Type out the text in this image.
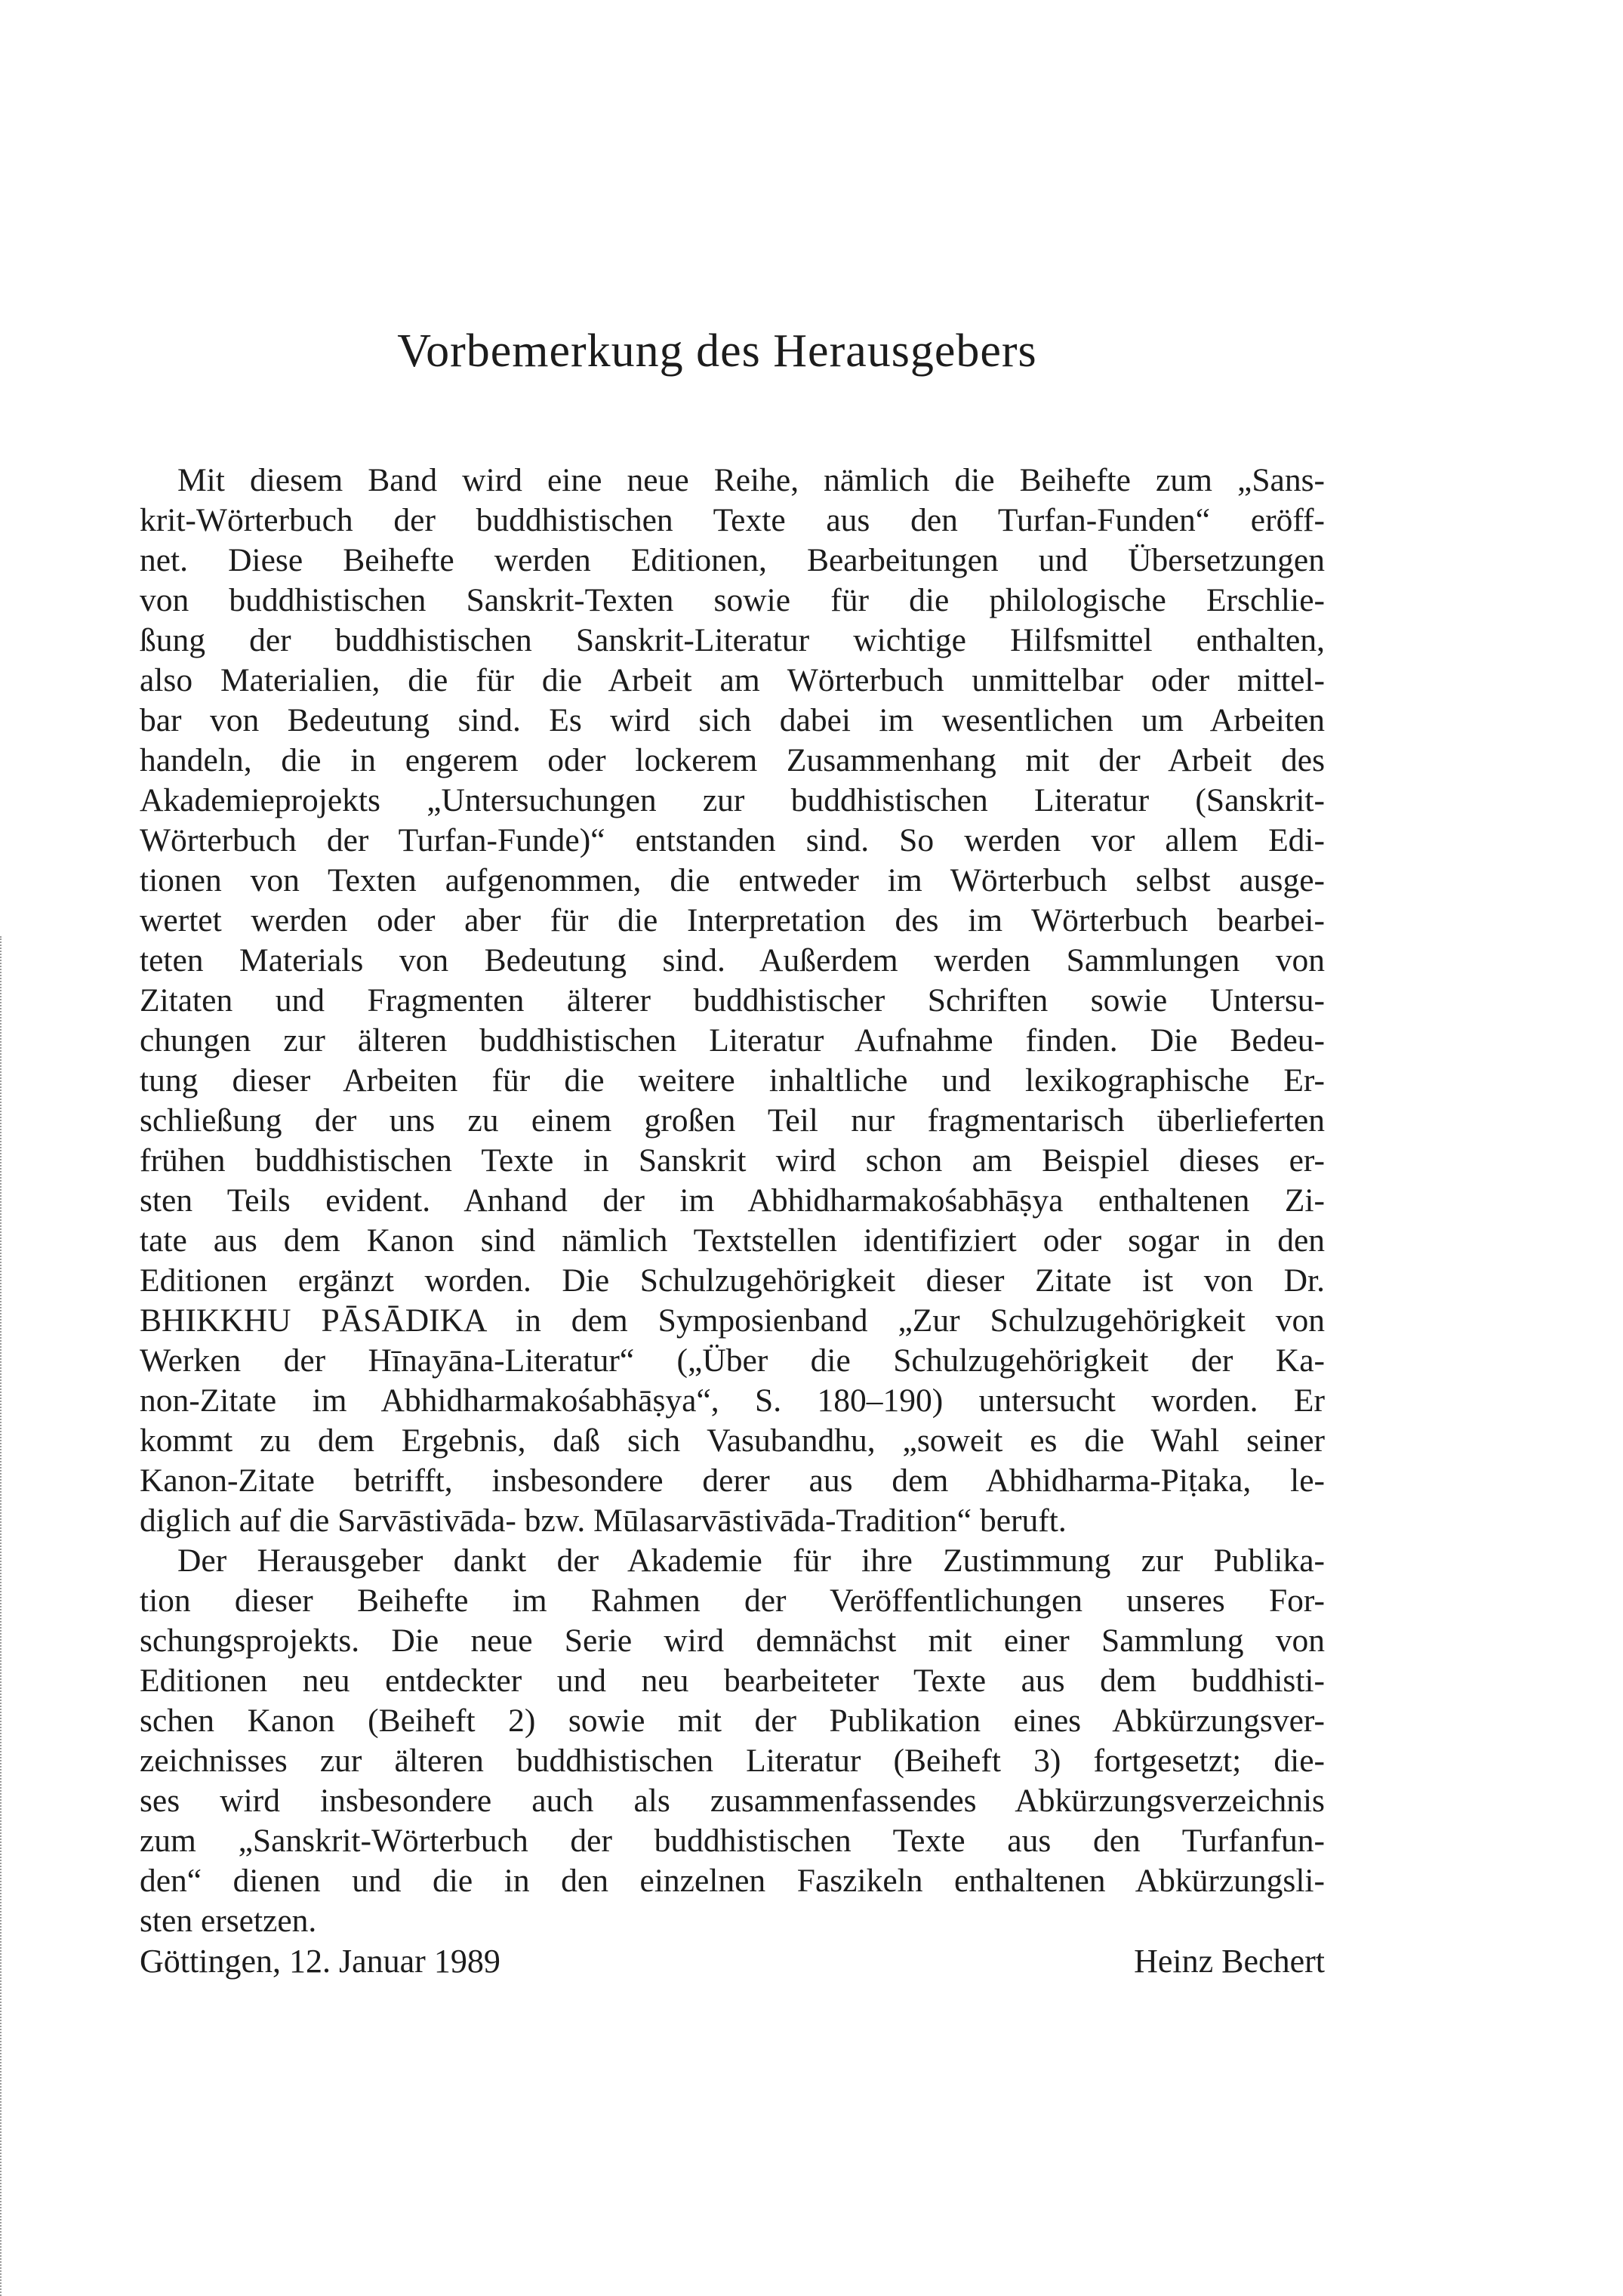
Vorbemerkung des Herausgebers
Mit diesem Band wird eine neue Reihe, nämlich die Beihefte zum „Sans-
krit-Wörterbuch der buddhistischen Texte aus den Turfan-Funden“ eröff-
net. Diese Beihefte werden Editionen, Bearbeitungen und Übersetzungen
von buddhistischen Sanskrit-Texten sowie für die philologische Erschlie-
ßung der buddhistischen Sanskrit-Literatur wichtige Hilfsmittel enthalten,
also Materialien, die für die Arbeit am Wörterbuch unmittelbar oder mittel-
bar von Bedeutung sind. Es wird sich dabei im wesentlichen um Arbeiten
handeln, die in engerem oder lockerem Zusammenhang mit der Arbeit des
Akademieprojekts „Untersuchungen zur buddhistischen Literatur (Sanskrit-
Wörterbuch der Turfan-Funde)“ entstanden sind. So werden vor allem Edi-
tionen von Texten aufgenommen, die entweder im Wörterbuch selbst ausge-
wertet werden oder aber für die Interpretation des im Wörterbuch bearbei-
teten Materials von Bedeutung sind. Außerdem werden Sammlungen von
Zitaten und Fragmenten älterer buddhistischer Schriften sowie Untersu-
chungen zur älteren buddhistischen Literatur Aufnahme finden. Die Bedeu-
tung dieser Arbeiten für die weitere inhaltliche und lexikographische Er-
schließung der uns zu einem großen Teil nur fragmentarisch überlieferten
frühen buddhistischen Texte in Sanskrit wird schon am Beispiel dieses er-
sten Teils evident. Anhand der im Abhidharmakośabhāṣya enthaltenen Zi-
tate aus dem Kanon sind nämlich Textstellen identifiziert oder sogar in den
Editionen ergänzt worden. Die Schulzugehörigkeit dieser Zitate ist von Dr.
BHIKKHU PĀSĀDIKA in dem Symposienband „Zur Schulzugehörigkeit von
Werken der Hīnayāna-Literatur“ („Über die Schulzugehörigkeit der Ka-
non-Zitate im Abhidharmakośabhāṣya“, S. 180–190) untersucht worden. Er
kommt zu dem Ergebnis, daß sich Vasubandhu, „soweit es die Wahl seiner
Kanon-Zitate betrifft, insbesondere derer aus dem Abhidharma-Piṭaka, le-
diglich auf die Sarvāstivāda- bzw. Mūlasarvāstivāda-Tradition“ beruft.
Der Herausgeber dankt der Akademie für ihre Zustimmung zur Publika-
tion dieser Beihefte im Rahmen der Veröffentlichungen unseres For-
schungsprojekts. Die neue Serie wird demnächst mit einer Sammlung von
Editionen neu entdeckter und neu bearbeiteter Texte aus dem buddhisti-
schen Kanon (Beiheft 2) sowie mit der Publikation eines Abkürzungsver-
zeichnisses zur älteren buddhistischen Literatur (Beiheft 3) fortgesetzt; die-
ses wird insbesondere auch als zusammenfassendes Abkürzungsverzeichnis
zum „Sanskrit-Wörterbuch der buddhistischen Texte aus den Turfanfun-
den“ dienen und die in den einzelnen Faszikeln enthaltenen Abkürzungsli-
sten ersetzen.
Göttingen, 12. Januar 1989	Heinz Bechert
